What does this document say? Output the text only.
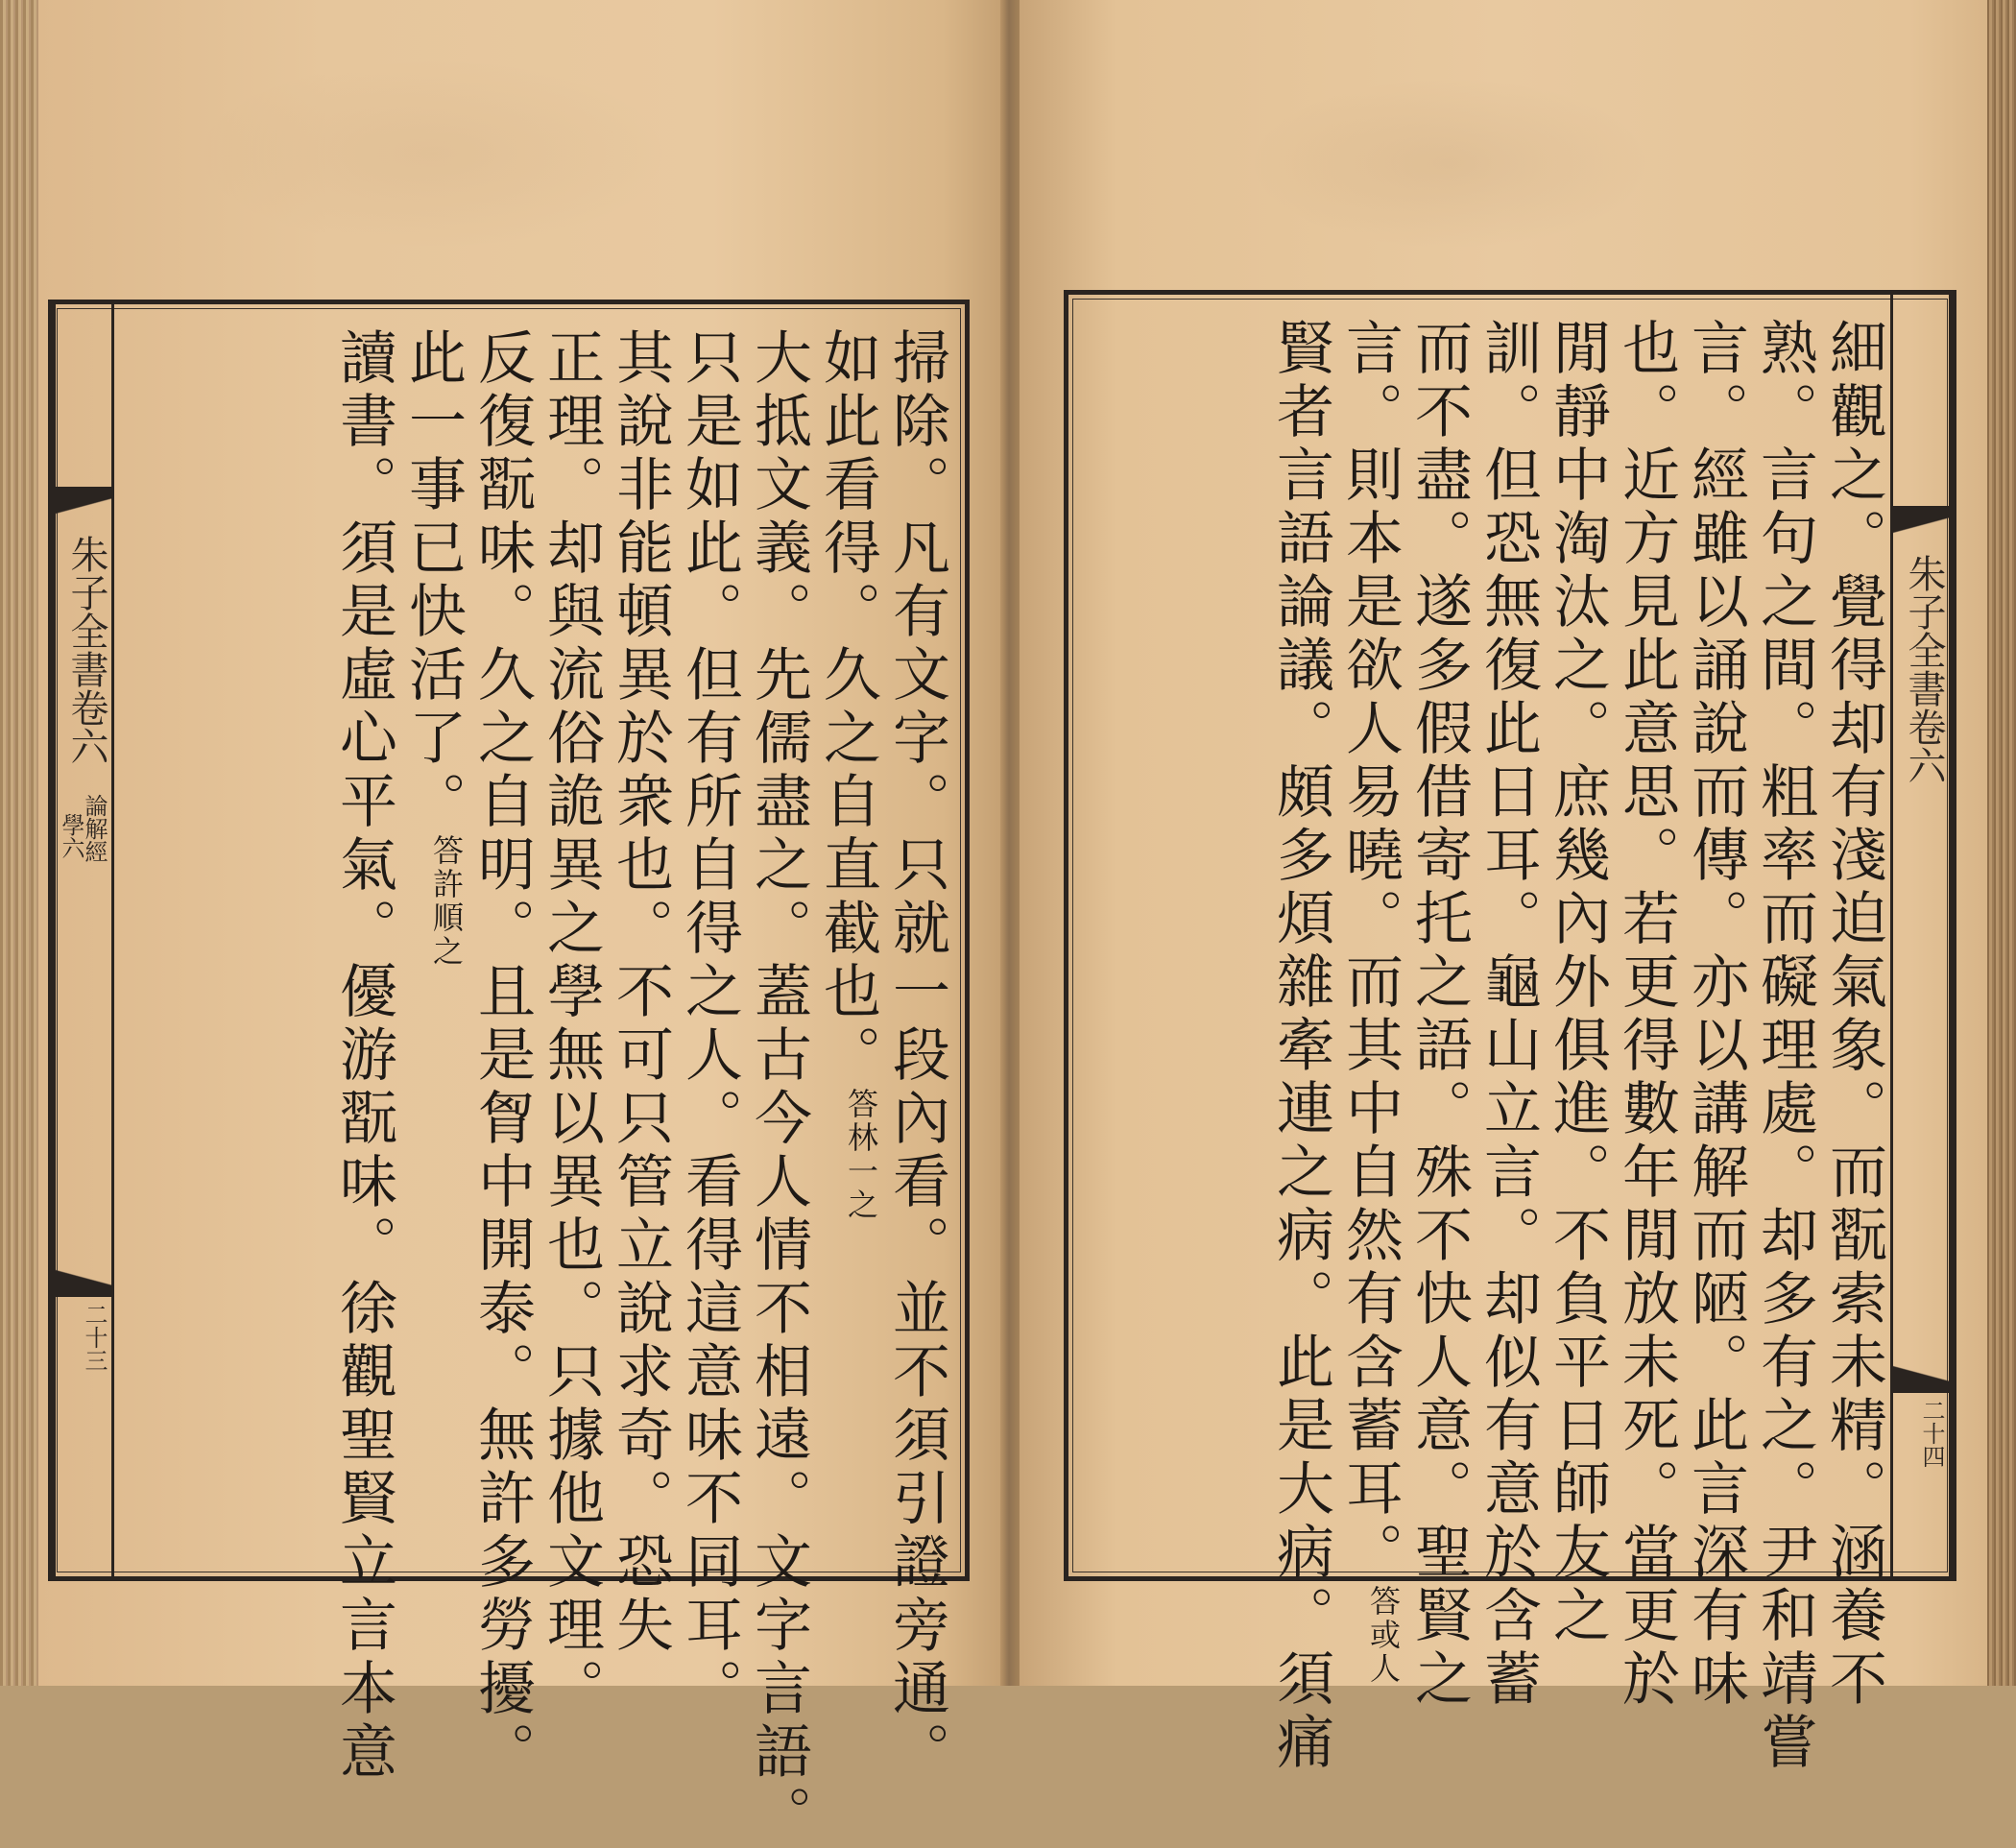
朱子全書卷六
學六
論解經
二十三	掃除。凡有文字。只就一段內看。並不須引證旁通。
如此看得。久之自直截也。
答林一之
大抵文義。先儒盡之。蓋古今人情不相遠。文字言語。
只是如此。但有所自得之人。看得這意味不同耳。
其說非能頓異於衆也。不可只管立說求奇。恐失
正理。却與流俗詭異之學無以異也。只據他文理。
反復翫味。久之自明。且是胷中開泰。無許多勞擾。
此一事已快活了。
答許順之
讀書。須是虛心平氣。優游翫味。徐觀聖賢立言本意	朱子全書卷六
二十四
細觀之。覺得却有淺迫氣象。而翫索未精。涵養不
熟。言句之間。粗率而礙理處。却多有之。尹和靖嘗
言。經雖以誦說而傳。亦以講解而陋。此言深有味
也。近方見此意思。若更得數年閒放未死。當更於
閒靜中淘汰之。庶幾內外俱進。不負平日師友之
訓。但恐無復此日耳。龜山立言。却似有意於含蓄
而不盡。遂多假借寄托之語。殊不快人意。聖賢之
言。則本是欲人易曉。而其中自然有含蓄耳。
答或人
賢者言語論議。頗多煩雜牽連之病。此是大病。須痛
